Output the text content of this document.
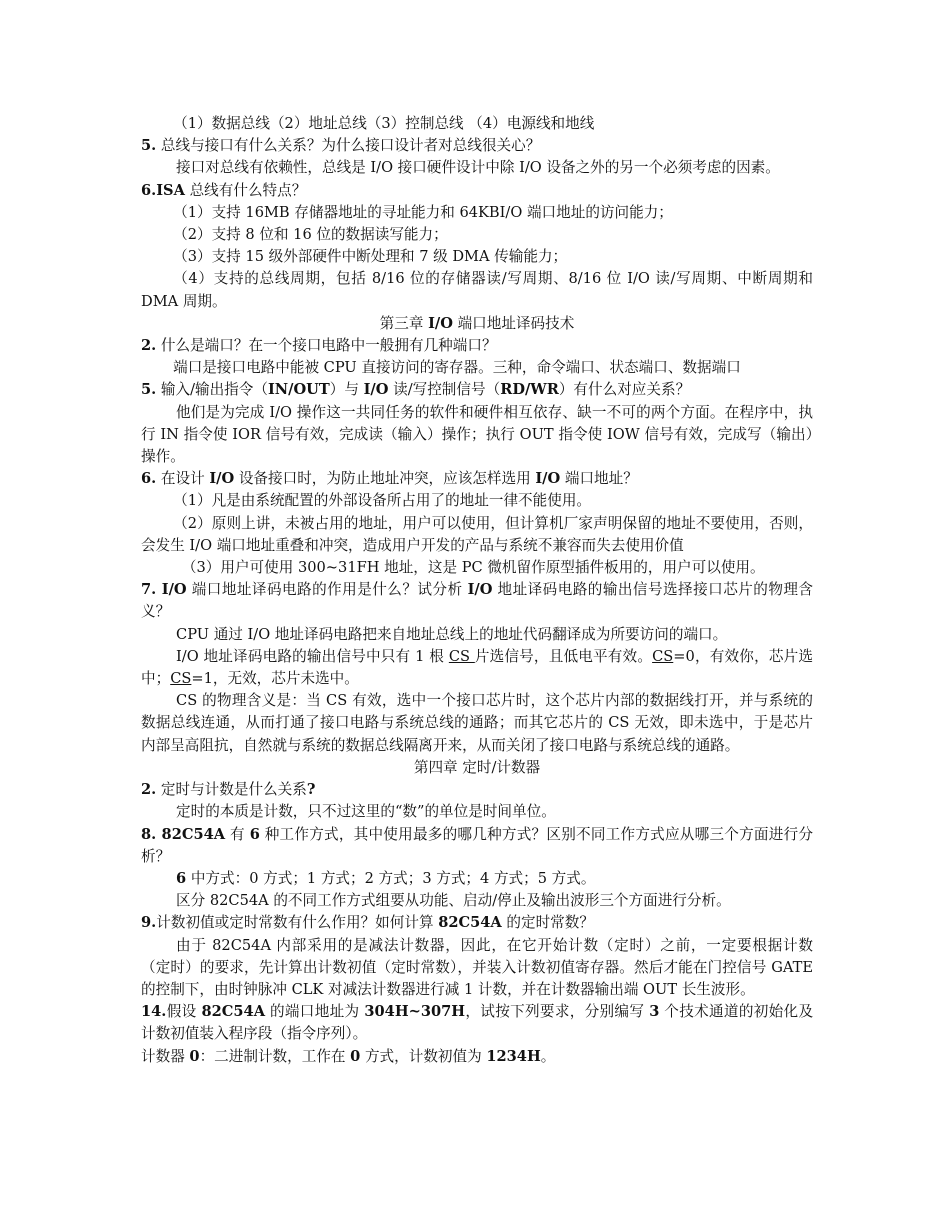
（1）数据总线（2）地址总线（3）控制总线 （4）电源线和地线

5. 总线与接口有什么关系？为什么接口设计者对总线很关心？

接口对总线有依赖性，总线是 I/O 接口硬件设计中除 I/O 设备之外的另一个必须考虑的因素。

6.ISA 总线有什么特点？

（1）支持 16MB 存储器地址的寻址能力和 64KBI/O 端口地址的访问能力；

（2）支持 8 位和 16 位的数据读写能力；

（3）支持 15 级外部硬件中断处理和 7 级 DMA 传输能力；

（4）支持的总线周期，包括 8/16 位的存储器读/写周期、8/16 位 I/O 读/写周期、中断周期和 DMA 周期。

第三章 I/O 端口地址译码技术

2. 什么是端口？在一个接口电路中一般拥有几种端口？

端口是接口电路中能被 CPU 直接访问的寄存器。三种，命令端口、状态端口、数据端口

5. 输入/输出指令（IN/OUT）与 I/O 读/写控制信号（RD/WR）有什么对应关系？

他们是为完成 I/O 操作这一共同任务的软件和硬件相互依存、缺一不可的两个方面。在程序中，执行 IN 指令使 IOR 信号有效，完成读（输入）操作；执行 OUT 指令使 IOW 信号有效，完成写（输出）操作。

6. 在设计 I/O 设备接口时，为防止地址冲突，应该怎样选用 I/O 端口地址？

（1）凡是由系统配置的外部设备所占用了的地址一律不能使用。

（2）原则上讲，未被占用的地址，用户可以使用，但计算机厂家声明保留的地址不要使用，否则，会发生 I/O 端口地址重叠和冲突，造成用户开发的产品与系统不兼容而失去使用价值

（3）用户可使用 300~31FH 地址，这是 PC 微机留作原型插件板用的，用户可以使用。

7. I/O 端口地址译码电路的作用是什么？试分析 I/O 地址译码电路的输出信号选择接口芯片的物理含义？

CPU 通过 I/O 地址译码电路把来自地址总线上的地址代码翻译成为所要访问的端口。

I/O 地址译码电路的输出信号中只有 1 根 CS 片选信号，且低电平有效。CS=0，有效你，芯片选中；CS=1，无效，芯片未选中。

CS 的物理含义是：当 CS 有效，选中一个接口芯片时，这个芯片内部的数据线打开，并与系统的数据总线连通，从而打通了接口电路与系统总线的通路；而其它芯片的 CS 无效，即未选中，于是芯片内部呈高阻抗，自然就与系统的数据总线隔离开来，从而关闭了接口电路与系统总线的通路。

第四章 定时/计数器

2. 定时与计数是什么关系?

定时的本质是计数，只不过这里的“数”的单位是时间单位。

8. 82C54A 有 6 种工作方式，其中使用最多的哪几种方式？区别不同工作方式应从哪三个方面进行分析？

6 中方式：0 方式；1 方式；2 方式；3 方式；4 方式；5 方式。

区分 82C54A 的不同工作方式组要从功能、启动/停止及输出波形三个方面进行分析。

9.计数初值或定时常数有什么作用？如何计算 82C54A 的定时常数？

由于 82C54A 内部采用的是减法计数器，因此，在它开始计数（定时）之前，一定要根据计数（定时）的要求，先计算出计数初值（定时常数），并装入计数初值寄存器。然后才能在门控信号 GATE 的控制下，由时钟脉冲 CLK 对减法计数器进行减 1 计数，并在计数器输出端 OUT 长生波形。

14.假设 82C54A 的端口地址为 304H~307H，试按下列要求，分别编写 3 个技术通道的初始化及计数初值装入程序段（指令序列）。

计数器 0：二进制计数，工作在 0 方式，计数初值为 1234H。
